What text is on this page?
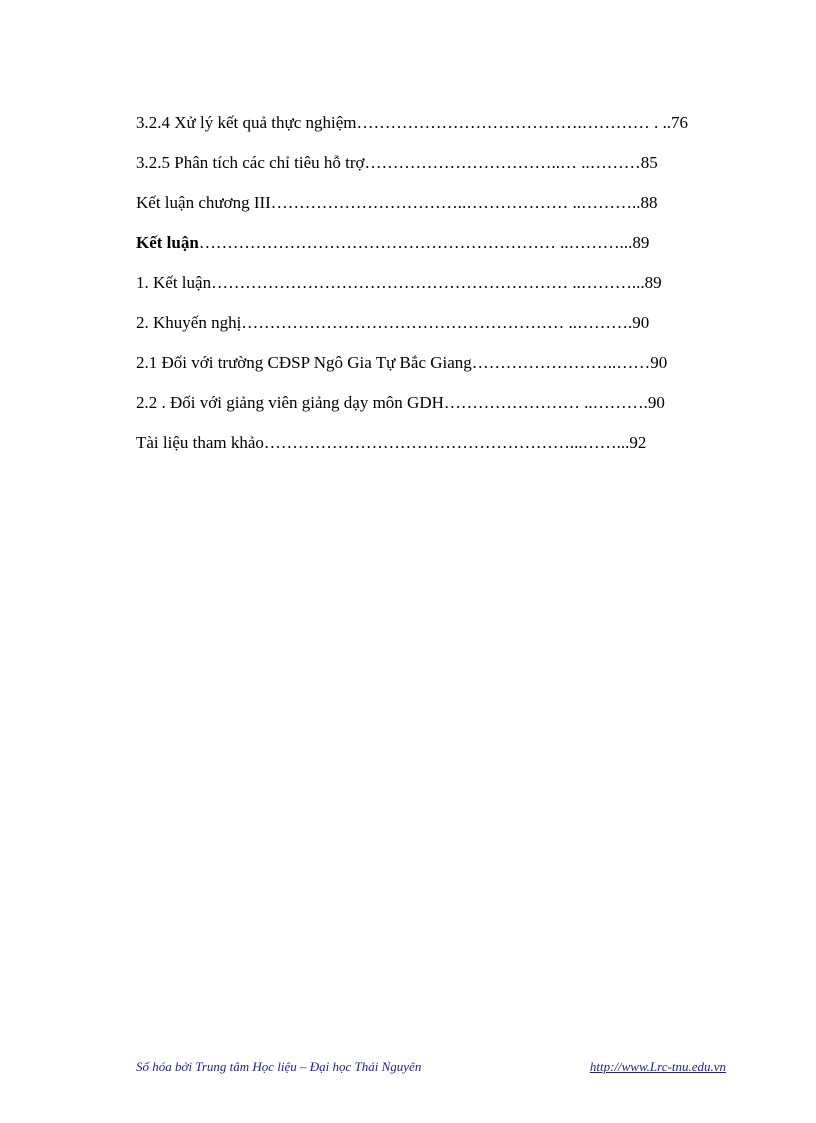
3.2.4 Xử lý kết quả thực nghiệm………………………………….………… . ..76
3.2.5 Phân tích các chỉ tiêu hỗ trợ……………………………..… ..………85
Kết luận chương III……………………………..……………… ..………..88
Kết luận……………………………………………………… ..………...89
1. Kết luận……………………………………………………… ..………...89
2. Khuyến nghị………………………………………………… ..……….90
2.1 Đối với trường CĐSP Ngô Gia Tự Bắc Giang……………………..……90
2.2 . Đối với giảng viên giảng dạy môn GDH…………………… ..……….90
Tài liệu tham khảo………………………………………………...……...92
Số hóa bởi Trung tâm Học liệu – Đại học Thái Nguyên	http://www.Lrc-tnu.edu.vn
